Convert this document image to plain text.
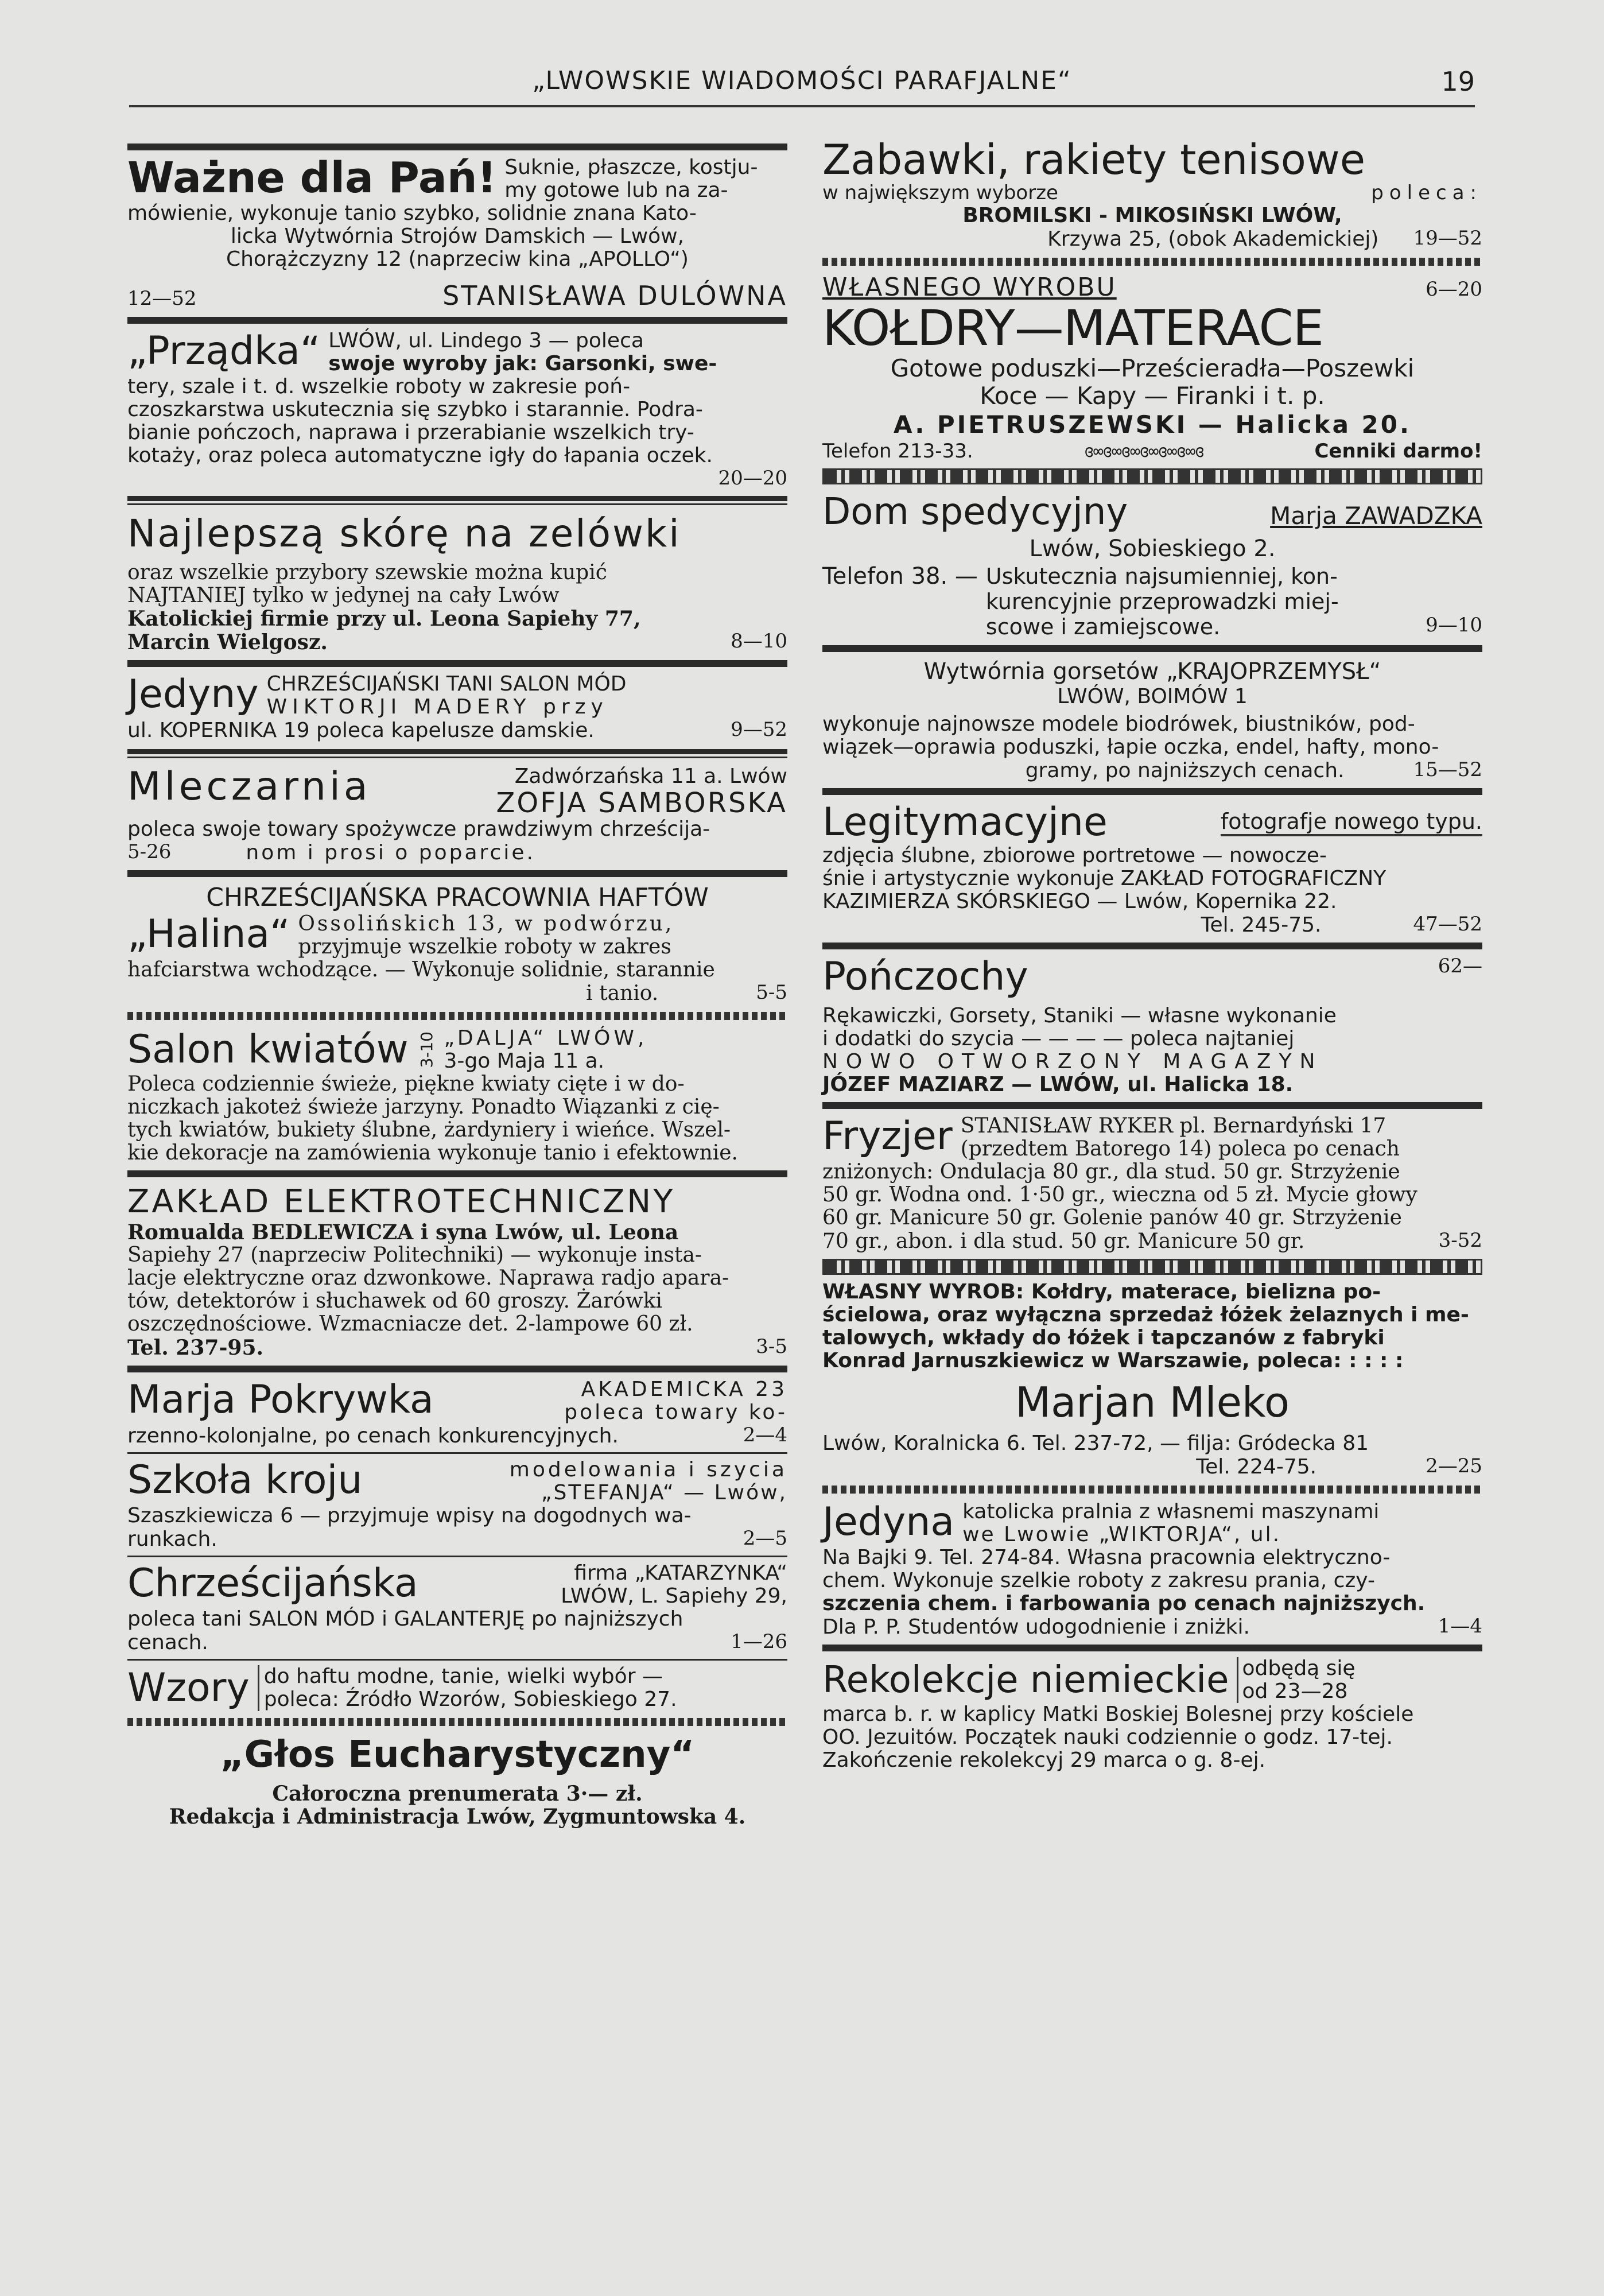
„LWOWSKIE WIADOMOŚCI PARAFJALNE“	19
Ważne dla Pań! Suknie, płaszcze, kostju-
my gotowe lub na za-
mówienie, wykonuje tanio szybko, solidnie znana Kato-
licka Wytwórnia Strojów Damskich — Lwów,
Chorążczyzny 12 (naprzeciw kina „APOLLO“)
12—52	STANISŁAWA DULÓWNA
„Prządka“ LWÓW, ul. Lindego 3 — poleca
swoje wyroby jak: Garsonki, swe-
tery, szale i t. d. wszelkie roboty w zakresie poń-
czoszkarstwa uskutecznia się szybko i starannie. Podra-
bianie pończoch, naprawa i przerabianie wszelkich try-
kotaży, oraz poleca automatyczne igły do łapania oczek.
20—20
Najlepszą skórę na zelówki
oraz wszelkie przybory szewskie można kupić
NAJTANIEJ tylko w jedynej na cały Lwów
Katolickiej firmie przy ul. Leona Sapiehy 77,
Marcin Wielgosz.	8—10
Jedyny CHRZEŚCIJAŃSKI TANI SALON MÓD
WIKTORJI MADERY przy
ul. KOPERNIKA 19 poleca kapelusze damskie.	9—52
Mleczarnia	Zadwórzańska 11 a. Lwów
ZOFJA SAMBORSKA
poleca swoje towary spożywcze prawdziwym chrześcija-
5-26	nom i prosi o poparcie.
CHRZEŚCIJAŃSKA PRACOWNIA HAFTÓW
„Halina“ Ossolińskich 13, w podwórzu,
przyjmuje wszelkie roboty w zakres
hafciarstwa wchodzące. — Wykonuje solidnie, starannie
i tanio.	5-5
Salon kwiatów 3-10 „DALJA“ LWÓW,
3-go Maja 11 a.
Poleca codziennie świeże, piękne kwiaty cięte i w do-
niczkach jakoteż świeże jarzyny. Ponadto Wiązanki z cię-
tych kwiatów, bukiety ślubne, żardyniery i wieńce. Wszel-
kie dekoracje na zamówienia wykonuje tanio i efektownie.
ZAKŁAD ELEKTROTECHNICZNY
Romualda BEDLEWICZA i syna Lwów, ul. Leona
Sapiehy 27 (naprzeciw Politechniki) — wykonuje insta-
lacje elektryczne oraz dzwonkowe. Naprawa radjo apara-
tów, detektorów i słuchawek od 60 groszy. Żarówki
oszczędnościowe. Wzmacniacze det. 2-lampowe 60 zł.
Tel. 237-95.	3-5
Marja Pokrywka	AKADEMICKA 23
poleca towary ko-
rzenno-kolonjalne, po cenach konkurencyjnych.	2—4
Szkoła kroju	modelowania i szycia
„STEFANJA“ — Lwów,
Szaszkiewicza 6 — przyjmuje wpisy na dogodnych wa-
runkach.	2—5
Chrześcijańska	firma „KATARZYNKA“
LWÓW, L. Sapiehy 29,
poleca tani SALON MÓD i GALANTERJĘ po najniższych
cenach.	1—26
Wzory do haftu modne, tanie, wielki wybór —
poleca: Źródło Wzorów, Sobieskiego 27.
„Głos Eucharystyczny“
Całoroczna prenumerata 3·— zł.
Redakcja i Administracja Lwów, Zygmuntowska 4.
Zabawki, rakiety tenisowe
w największym wyborze	poleca:
BROMILSKI - MIKOSIŃSKI LWÓW,
Krzywa 25, (obok Akademickiej) 19—52
WŁASNEGO WYROBU	6—20
KOŁDRY—MATERACE
Gotowe poduszki—Prześcieradła—Poszewki
Koce — Kapy — Firanki i t. p.
A. PIETRUSZEWSKI — Halicka 20.
Telefon 213-33.	ɞ∞ɞ∞ɞ∞ɞ∞ɞ∞ɞ∞ɞ	Cenniki darmo!
Dom spedycyjny	Marja ZAWADZKA
Lwów, Sobieskiego 2.
Telefon 38. — Uskutecznia najsumienniej, kon-
kurencyjnie przeprowadzki miej-
scowe i zamiejscowe.	9—10
Wytwórnia gorsetów „KRAJOPRZEMYSŁ“
LWÓW, BOIMÓW 1
wykonuje najnowsze modele biodrówek, biustników, pod-
wiązek—oprawia poduszki, łapie oczka, endel, hafty, mono-
gramy, po najniższych cenach.	15—52
Legitymacyjne	fotografje nowego typu.
zdjęcia ślubne, zbiorowe portretowe — nowocze-
śnie i artystycznie wykonuje ZAKŁAD FOTOGRAFICZNY
KAZIMIERZA SKÓRSKIEGO — Lwów, Kopernika 22.
Tel. 245-75.	47—52
Pończochy	62—
Rękawiczki, Gorsety, Staniki — własne wykonanie
i dodatki do szycia — — — — poleca najtaniej
NOWO OTWORZONY MAGAZYN
JÓZEF MAZIARZ — LWÓW, ul. Halicka 18.
Fryzjer STANISŁAW RYKER pl. Bernardyński 17
(przedtem Batorego 14) poleca po cenach
zniżonych: Ondulacja 80 gr., dla stud. 50 gr. Strzyżenie
50 gr. Wodna ond. 1·50 gr., wieczna od 5 zł. Mycie głowy
60 gr. Manicure 50 gr. Golenie panów 40 gr. Strzyżenie
70 gr., abon. i dla stud. 50 gr. Manicure 50 gr.	3-52
WŁASNY WYROB: Kołdry, materace, bielizna po-
ścielowa, oraz wyłączna sprzedaż łóżek żelaznych i me-
talowych, wkłady do łóżek i tapczanów z fabryki
Konrad Jarnuszkiewicz w Warszawie, poleca: : : : :
Marjan Mleko
Lwów, Koralnicka 6. Tel. 237-72, — filja: Gródecka 81
Tel. 224-75.	2—25
Jedyna katolicka pralnia z własnemi maszynami
we Lwowie „WIKTORJA“, ul.
Na Bajki 9. Tel. 274-84. Własna pracownia elektryczno-
chem. Wykonuje szelkie roboty z zakresu prania, czy-
szczenia chem. i farbowania po cenach najniższych.
Dla P. P. Studentów udogodnienie i zniżki.	1—4
Rekolekcje niemieckie odbędą się
od 23—28
marca b. r. w kaplicy Matki Boskiej Bolesnej przy kościele
OO. Jezuitów. Początek nauki codziennie o godz. 17-tej.
Zakończenie rekolekcyj 29 marca o g. 8-ej.
